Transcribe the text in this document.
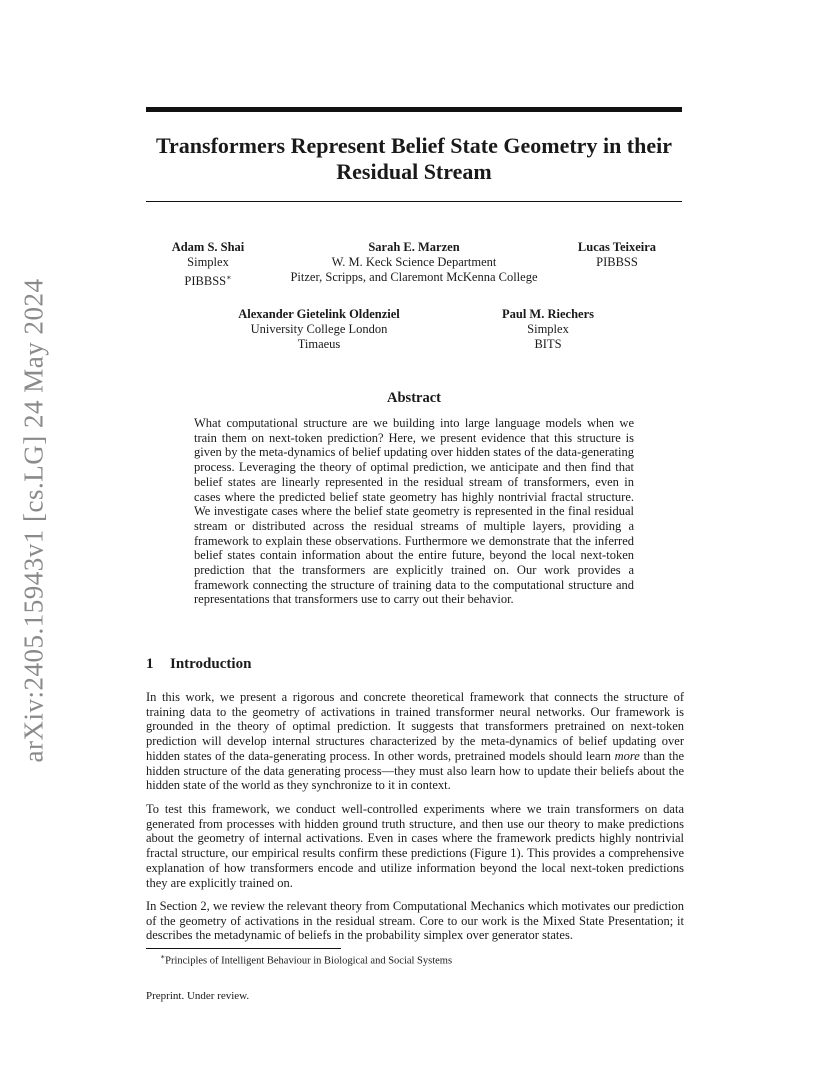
arXiv:2405.15943v1 [cs.LG] 24 May 2024
Transformers Represent Belief State Geometry in their Residual Stream
Adam S. Shai
Simplex
PIBBSS∗
Sarah E. Marzen
W. M. Keck Science Department
Pitzer, Scripps, and Claremont McKenna College
Lucas Teixeira
PIBBSS
Alexander Gietelink Oldenziel
University College London
Timaeus
Paul M. Riechers
Simplex
BITS
Abstract

What computational structure are we building into large language models when we train them on next-token prediction? Here, we present evidence that this structure is given by the meta-dynamics of belief updating over hidden states of the data-generating process. Leveraging the theory of optimal prediction, we anticipate and then find that belief states are linearly represented in the residual stream of transformers, even in cases where the predicted belief state geometry has highly nontrivial fractal structure. We investigate cases where the belief state geometry is represented in the final residual stream or distributed across the residual streams of multiple layers, providing a framework to explain these observations. Furthermore we demonstrate that the inferred belief states contain information about the entire future, beyond the local next-token prediction that the transformers are explicitly trained on. Our work provides a framework connecting the structure of training data to the computational structure and representations that transformers use to carry out their behavior.

1 Introduction

In this work, we present a rigorous and concrete theoretical framework that connects the structure of training data to the geometry of activations in trained transformer neural networks. Our framework is grounded in the theory of optimal prediction. It suggests that transformers pretrained on next-token prediction will develop internal structures characterized by the meta-dynamics of belief updating over hidden states of the data-generating process. In other words, pretrained models should learn more than the hidden structure of the data generating process—they must also learn how to update their beliefs about the hidden state of the world as they synchronize to it in context.

To test this framework, we conduct well-controlled experiments where we train transformers on data generated from processes with hidden ground truth structure, and then use our theory to make predictions about the geometry of internal activations. Even in cases where the framework predicts highly nontrivial fractal structure, our empirical results confirm these predictions (Figure 1). This provides a comprehensive explanation of how transformers encode and utilize information beyond the local next-token predictions they are explicitly trained on.

In Section 2, we review the relevant theory from Computational Mechanics which motivates our prediction of the geometry of activations in the residual stream. Core to our work is the Mixed State Presentation; it describes the metadynamic of beliefs in the probability simplex over generator states.

∗Principles of Intelligent Behaviour in Biological and Social Systems

Preprint. Under review.
